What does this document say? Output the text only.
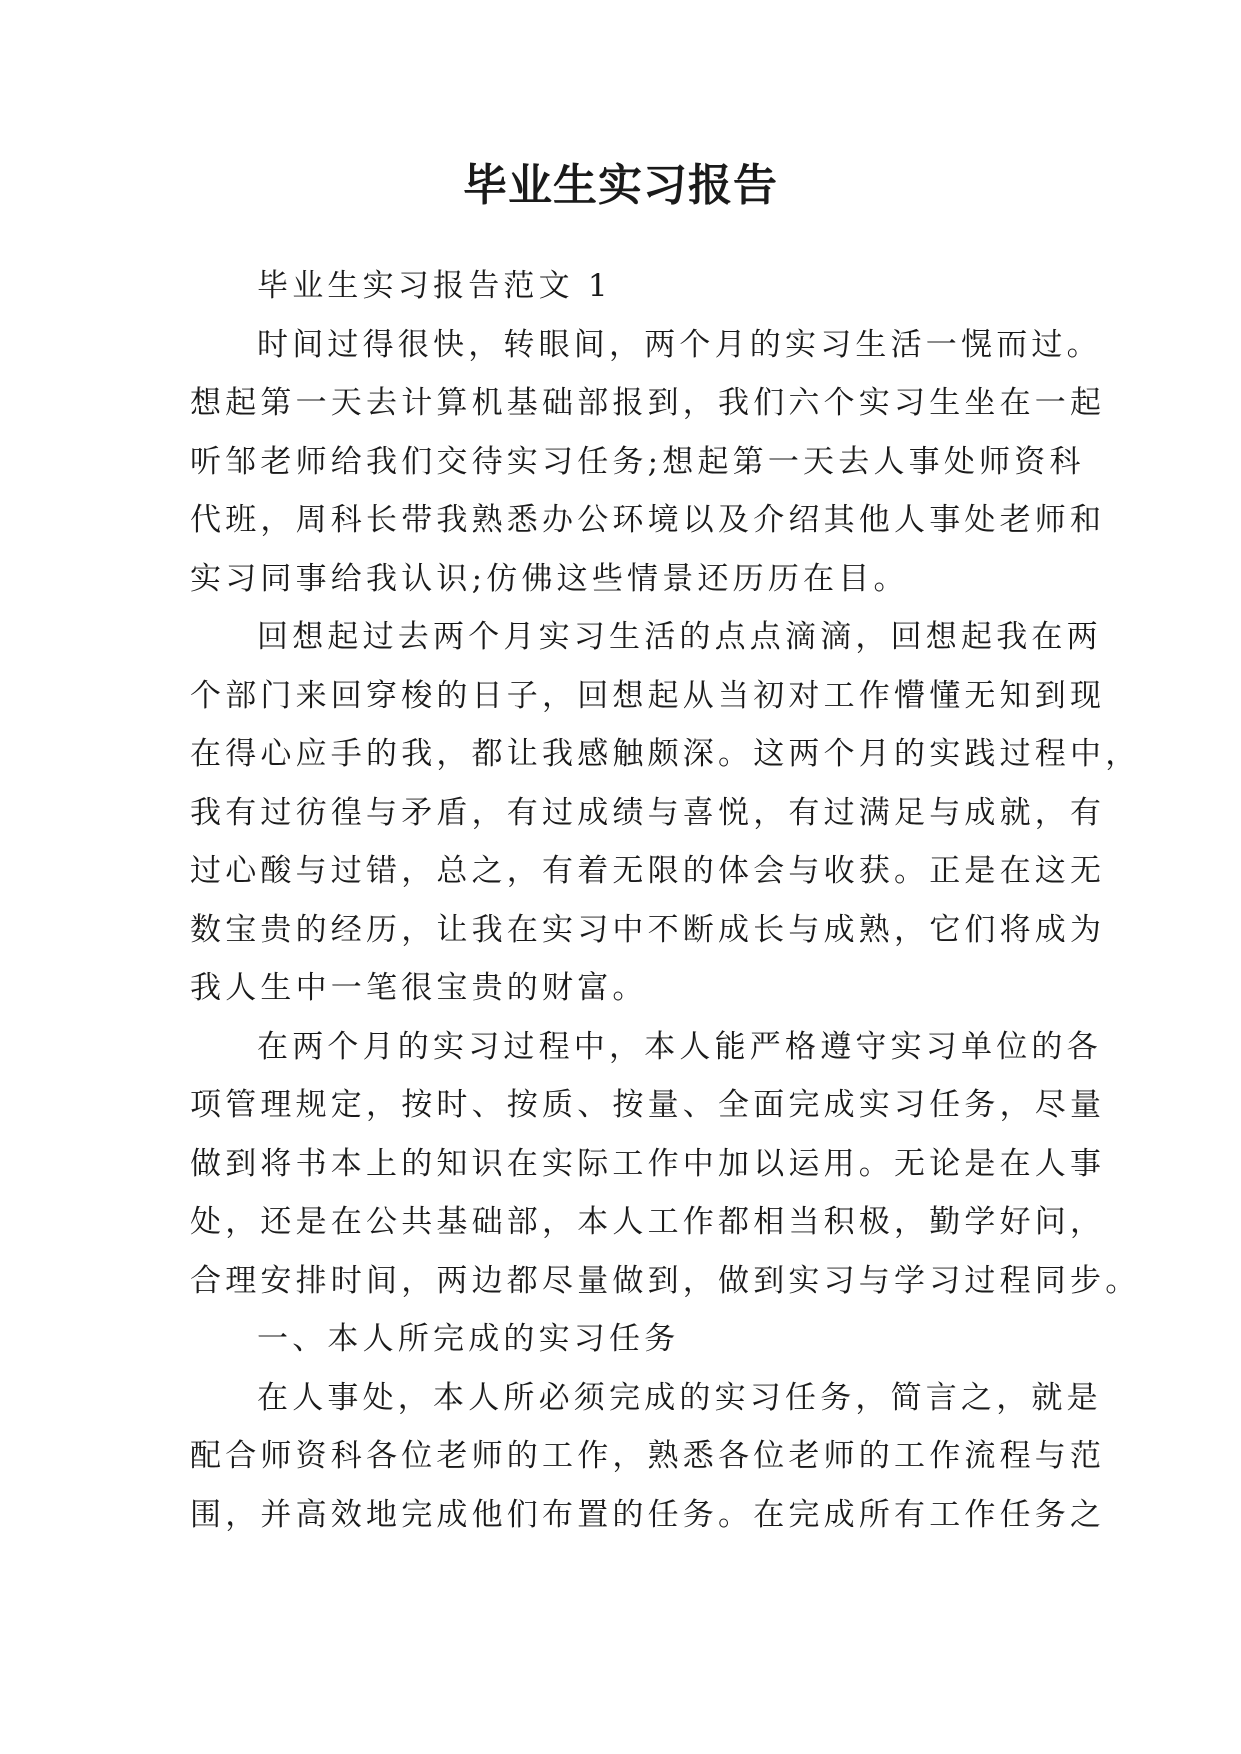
毕业生实习报告
毕业生实习报告范文 1
时间过得很快，转眼间，两个月的实习生活一愰而过。
想起第一天去计算机基础部报到，我们六个实习生坐在一起
听邹老师给我们交待实习任务;想起第一天去人事处师资科
代班，周科长带我熟悉办公环境以及介绍其他人事处老师和
实习同事给我认识;仿佛这些情景还历历在目。
回想起过去两个月实习生活的点点滴滴，回想起我在两
个部门来回穿梭的日子，回想起从当初对工作懵懂无知到现
在得心应手的我，都让我感触颇深。这两个月的实践过程中，
我有过彷徨与矛盾，有过成绩与喜悦，有过满足与成就，有
过心酸与过错，总之，有着无限的体会与收获。正是在这无
数宝贵的经历，让我在实习中不断成长与成熟，它们将成为
我人生中一笔很宝贵的财富。
在两个月的实习过程中，本人能严格遵守实习单位的各
项管理规定，按时、按质、按量、全面完成实习任务，尽量
做到将书本上的知识在实际工作中加以运用。无论是在人事
处，还是在公共基础部，本人工作都相当积极，勤学好问，
合理安排时间，两边都尽量做到，做到实习与学习过程同步。
一、本人所完成的实习任务
在人事处，本人所必须完成的实习任务，简言之，就是
配合师资科各位老师的工作，熟悉各位老师的工作流程与范
围，并高效地完成他们布置的任务。在完成所有工作任务之
